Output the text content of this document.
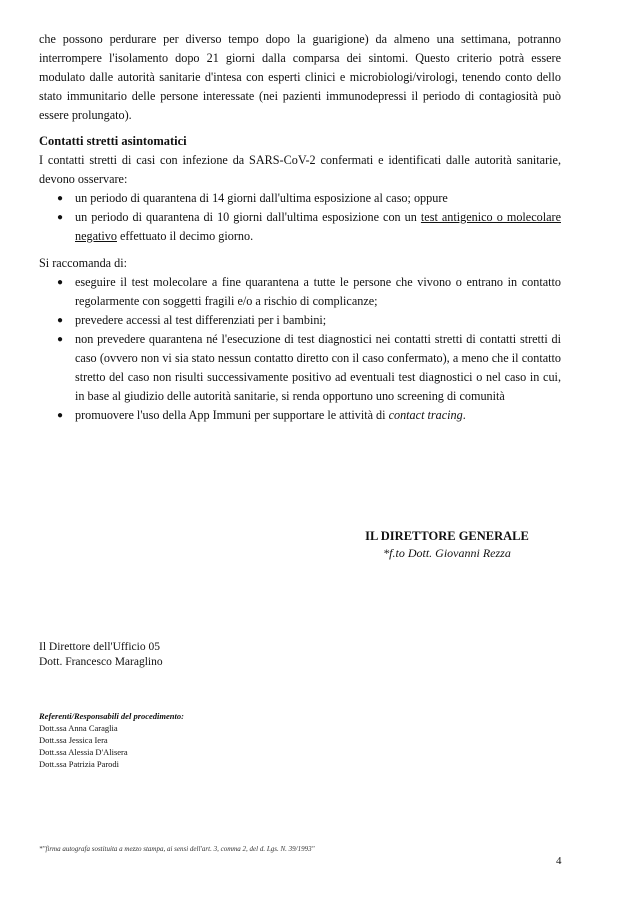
che possono perdurare per diverso tempo dopo la guarigione) da almeno una settimana, potranno interrompere l'isolamento dopo 21 giorni dalla comparsa dei sintomi. Questo criterio potrà essere modulato dalle autorità sanitarie d'intesa con esperti clinici e microbiologi/virologi, tenendo conto dello stato immunitario delle persone interessate (nei pazienti immunodepressi il periodo di contagiosità può essere prolungato).

Contatti stretti asintomatici

I contatti stretti di casi con infezione da SARS-CoV-2 confermati e identificati dalle autorità sanitarie, devono osservare:

● un periodo di quarantena di 14 giorni dall'ultima esposizione al caso; oppure
● un periodo di quarantena di 10 giorni dall'ultima esposizione con un test antigenico o molecolare negativo effettuato il decimo giorno.

Si raccomanda di:

● eseguire il test molecolare a fine quarantena a tutte le persone che vivono o entrano in contatto regolarmente con soggetti fragili e/o a rischio di complicanze;
● prevedere accessi al test differenziati per i bambini;
● non prevedere quarantena né l'esecuzione di test diagnostici nei contatti stretti di contatti stretti di caso (ovvero non vi sia stato nessun contatto diretto con il caso confermato), a meno che il contatto stretto del caso non risulti successivamente positivo ad eventuali test diagnostici o nel caso in cui, in base al giudizio delle autorità sanitarie, si renda opportuno uno screening di comunità
● promuovere l'uso della App Immuni per supportare le attività di contact tracing.
IL DIRETTORE GENERALE
*f.to Dott. Giovanni Rezza
Il Direttore dell'Ufficio 05
Dott. Francesco Maraglino
Referenti/Responsabili del procedimento:
Dott.ssa Anna Caraglia
Dott.ssa Jessica Iera
Dott.ssa Alessia D'Alisera
Dott.ssa Patrizia Parodi
*"firma autografa sostituita a mezzo stampa, ai sensi dell'art. 3, comma 2, del d. Lgs. N. 39/1993"
4
